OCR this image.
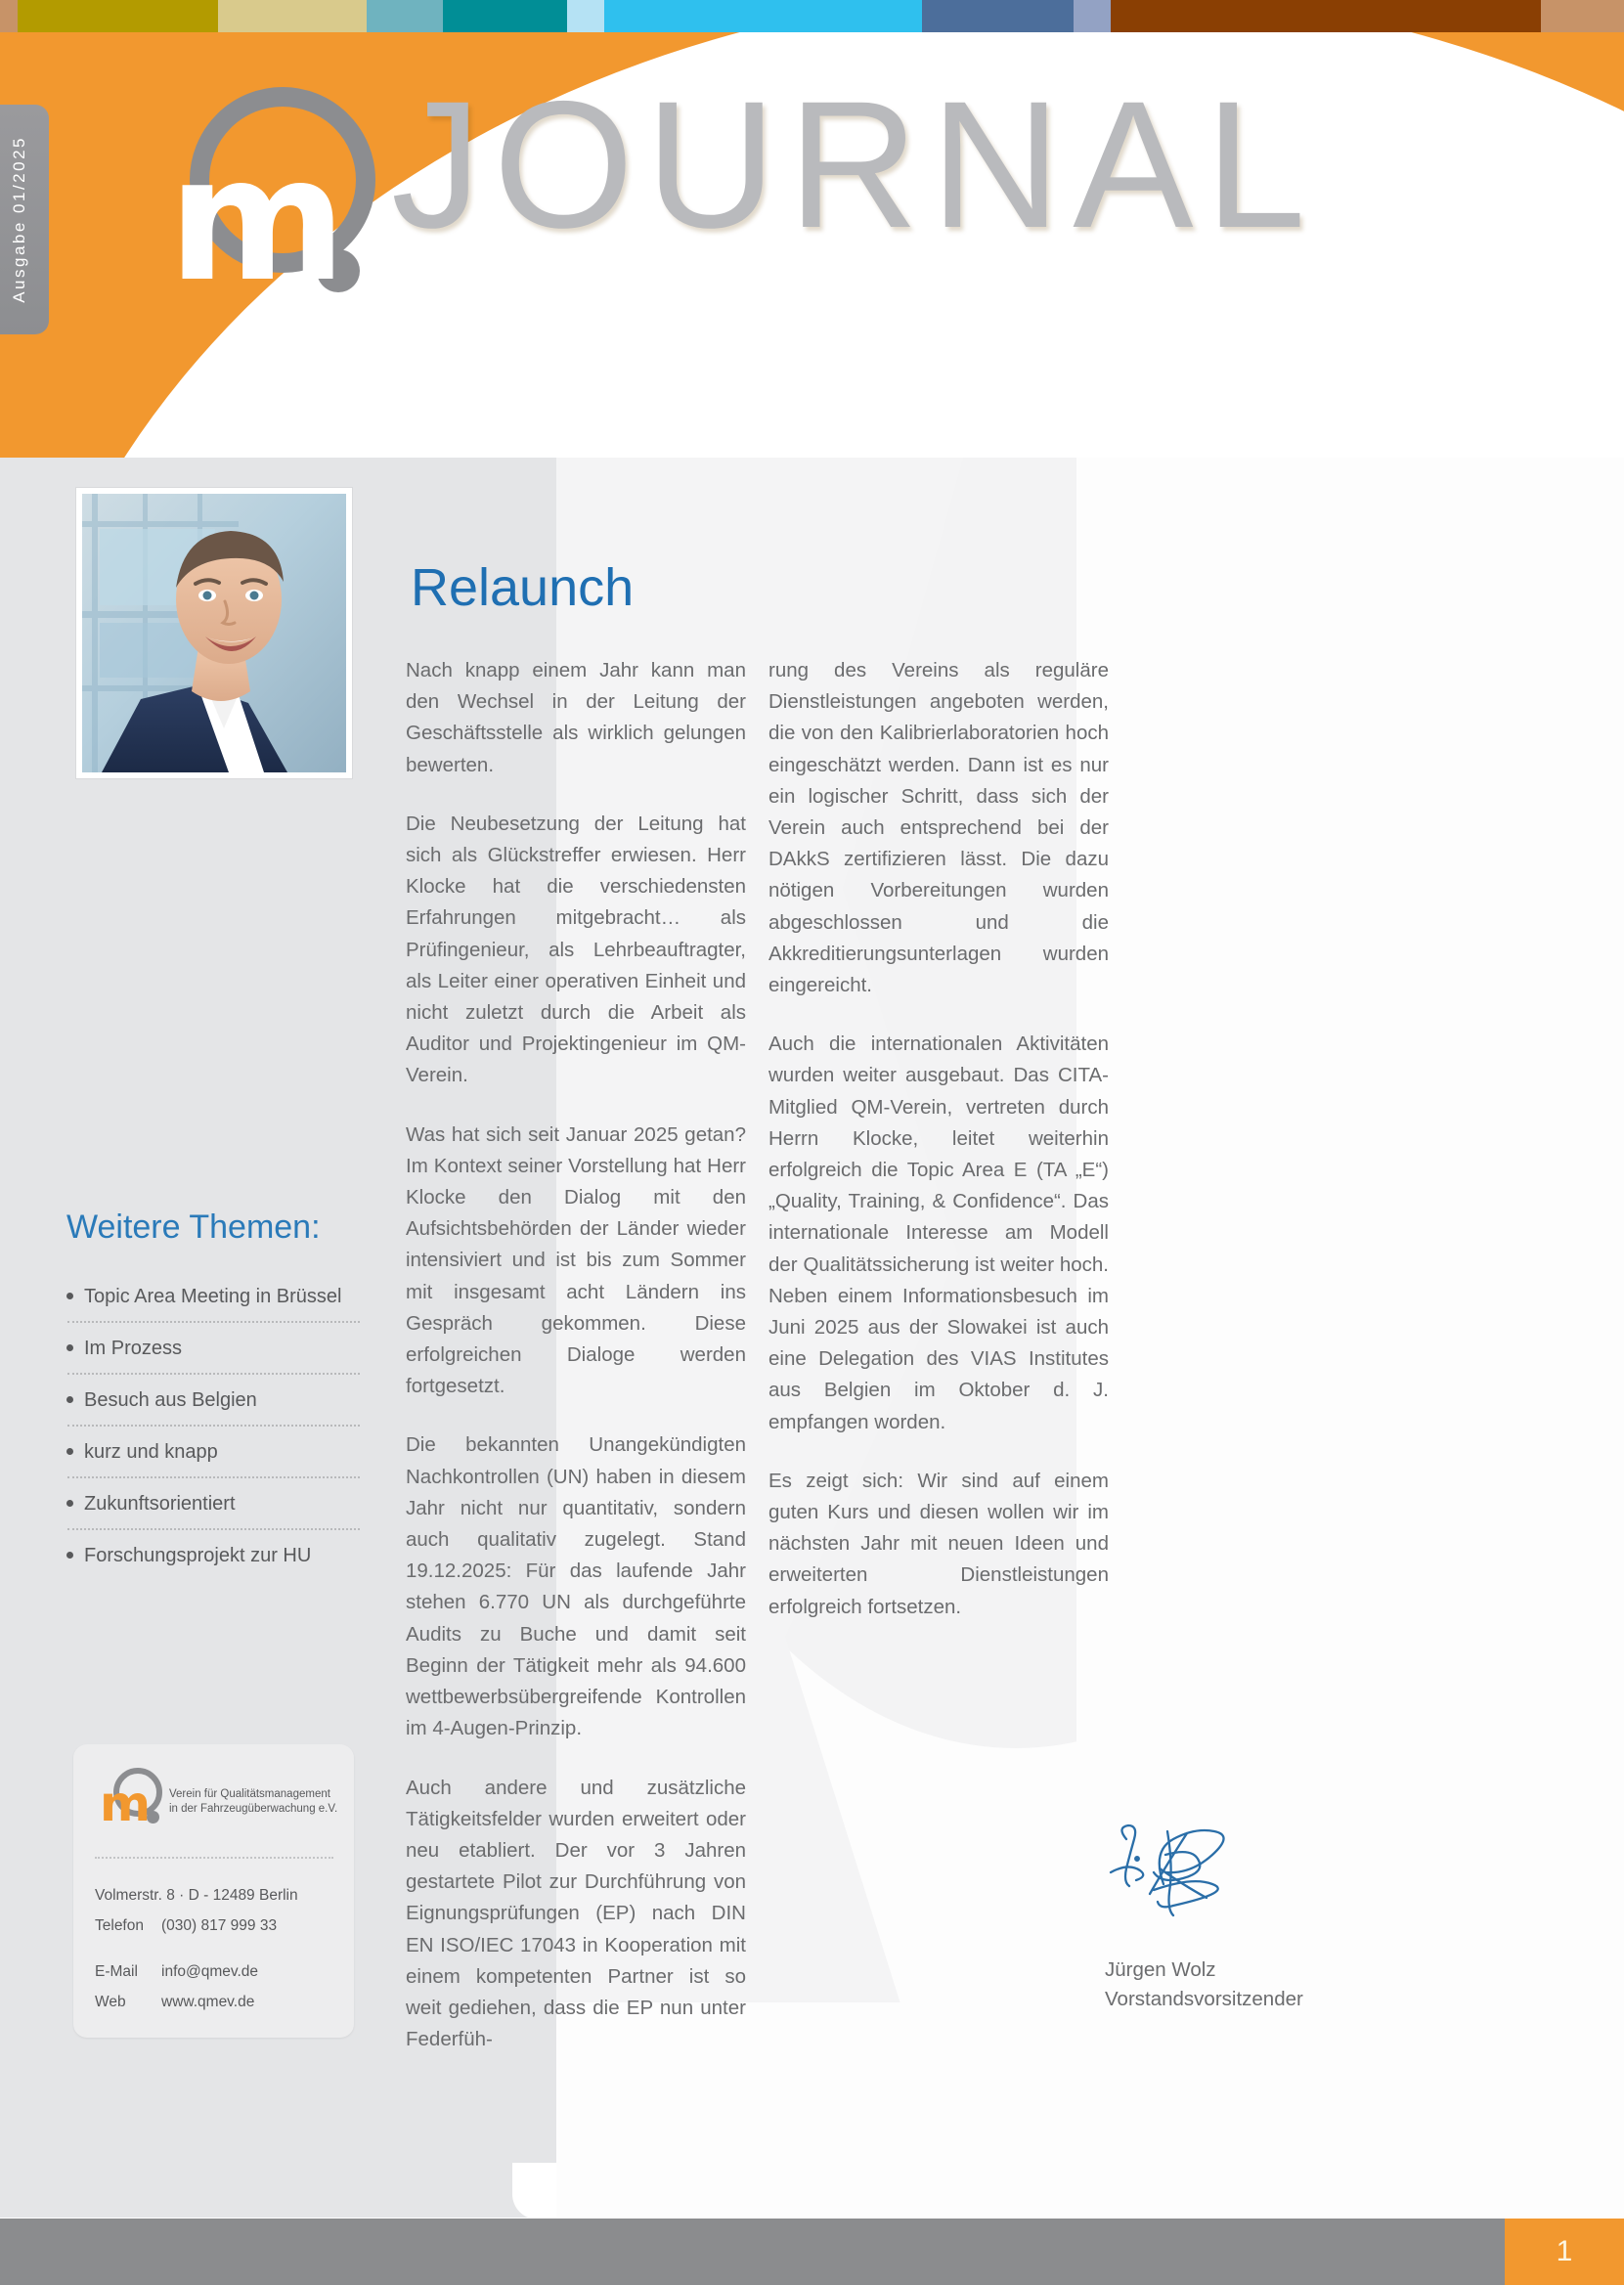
m JOURNAL
Verein für Qualitätsmanagement in der Fahrzeugüberwachung e. V.
Ausgabe 01/2025
Weitere Themen:
Topic Area Meeting in Brüssel
Im Prozess
Besuch aus Belgien
kurz und knapp
Zukunftsorientiert
Forschungsprojekt zur HU
m Verein für Qualitätsmanagement
in der Fahrzeugüberwachung e.V.
Volmerstr. 8 · D - 12489 Berlin
Telefon	(030) 817 999 33
E-Mail	info@qmev.de
Web	www.qmev.de
Relaunch

Nach knapp einem Jahr kann man den Wechsel in der Leitung der Geschäftsstelle als wirklich gelungen bewerten.

Die Neubesetzung der Leitung hat sich als Glückstreffer erwiesen. Herr Klocke hat die verschiedensten Erfahrungen mitgebracht… als Prüfingenieur, als Lehrbeauftragter, als Leiter einer operativen Einheit und nicht zuletzt durch die Arbeit als Auditor und Projektingenieur im QM-Verein.

Was hat sich seit Januar 2025 getan? Im Kontext seiner Vorstellung hat Herr Klocke den Dialog mit den Aufsichtsbehörden der Länder wieder intensiviert und ist bis zum Sommer mit insgesamt acht Ländern ins Gespräch gekommen. Diese erfolgreichen Dialoge werden fortgesetzt.

Die bekannten Unangekündigten Nachkontrollen (UN) haben in diesem Jahr nicht nur quantitativ, sondern auch qualitativ zugelegt. Stand 19.12.2025: Für das laufende Jahr stehen 6.770 UN als durchgeführte Audits zu Buche und damit seit Beginn der Tätigkeit mehr als 94.600 wettbewerbsübergreifende Kontrollen im 4-Augen-Prinzip.

Auch andere und zusätzliche Tätigkeitsfelder wurden erweitert oder neu etabliert. Der vor 3 Jahren gestartete Pilot zur Durchführung von Eignungsprüfungen (EP) nach DIN EN ISO/IEC 17043 in Kooperation mit einem kompetenten Partner ist so weit gediehen, dass die EP nun unter Federfüh-

rung des Vereins als reguläre Dienstleistungen angeboten werden, die von den Kalibrierlaboratorien hoch eingeschätzt werden. Dann ist es nur ein logischer Schritt, dass sich der Verein auch entsprechend bei der DAkkS zertifizieren lässt. Die dazu nötigen Vorbereitungen wurden abgeschlossen und die Akkreditierungsunterlagen wurden eingereicht.

Auch die internationalen Aktivitäten wurden weiter ausgebaut. Das CITA-Mitglied QM-Verein, vertreten durch Herrn Klocke, leitet weiterhin erfolgreich die Topic Area E (TA „E“) „Quality, Training, & Confidence“. Das internationale Interesse am Modell der Qualitätssicherung ist weiter hoch. Neben einem Informationsbesuch im Juni 2025 aus der Slowakei ist auch eine Delegation des VIAS Institutes aus Belgien im Oktober d. J. empfangen worden.

Es zeigt sich: Wir sind auf einem guten Kurs und diesen wollen wir im nächsten Jahr mit neuen Ideen und erweiterten Dienstleistungen erfolgreich fortsetzen.

Jürgen Wolz
Vorstandsvorsitzender
1
